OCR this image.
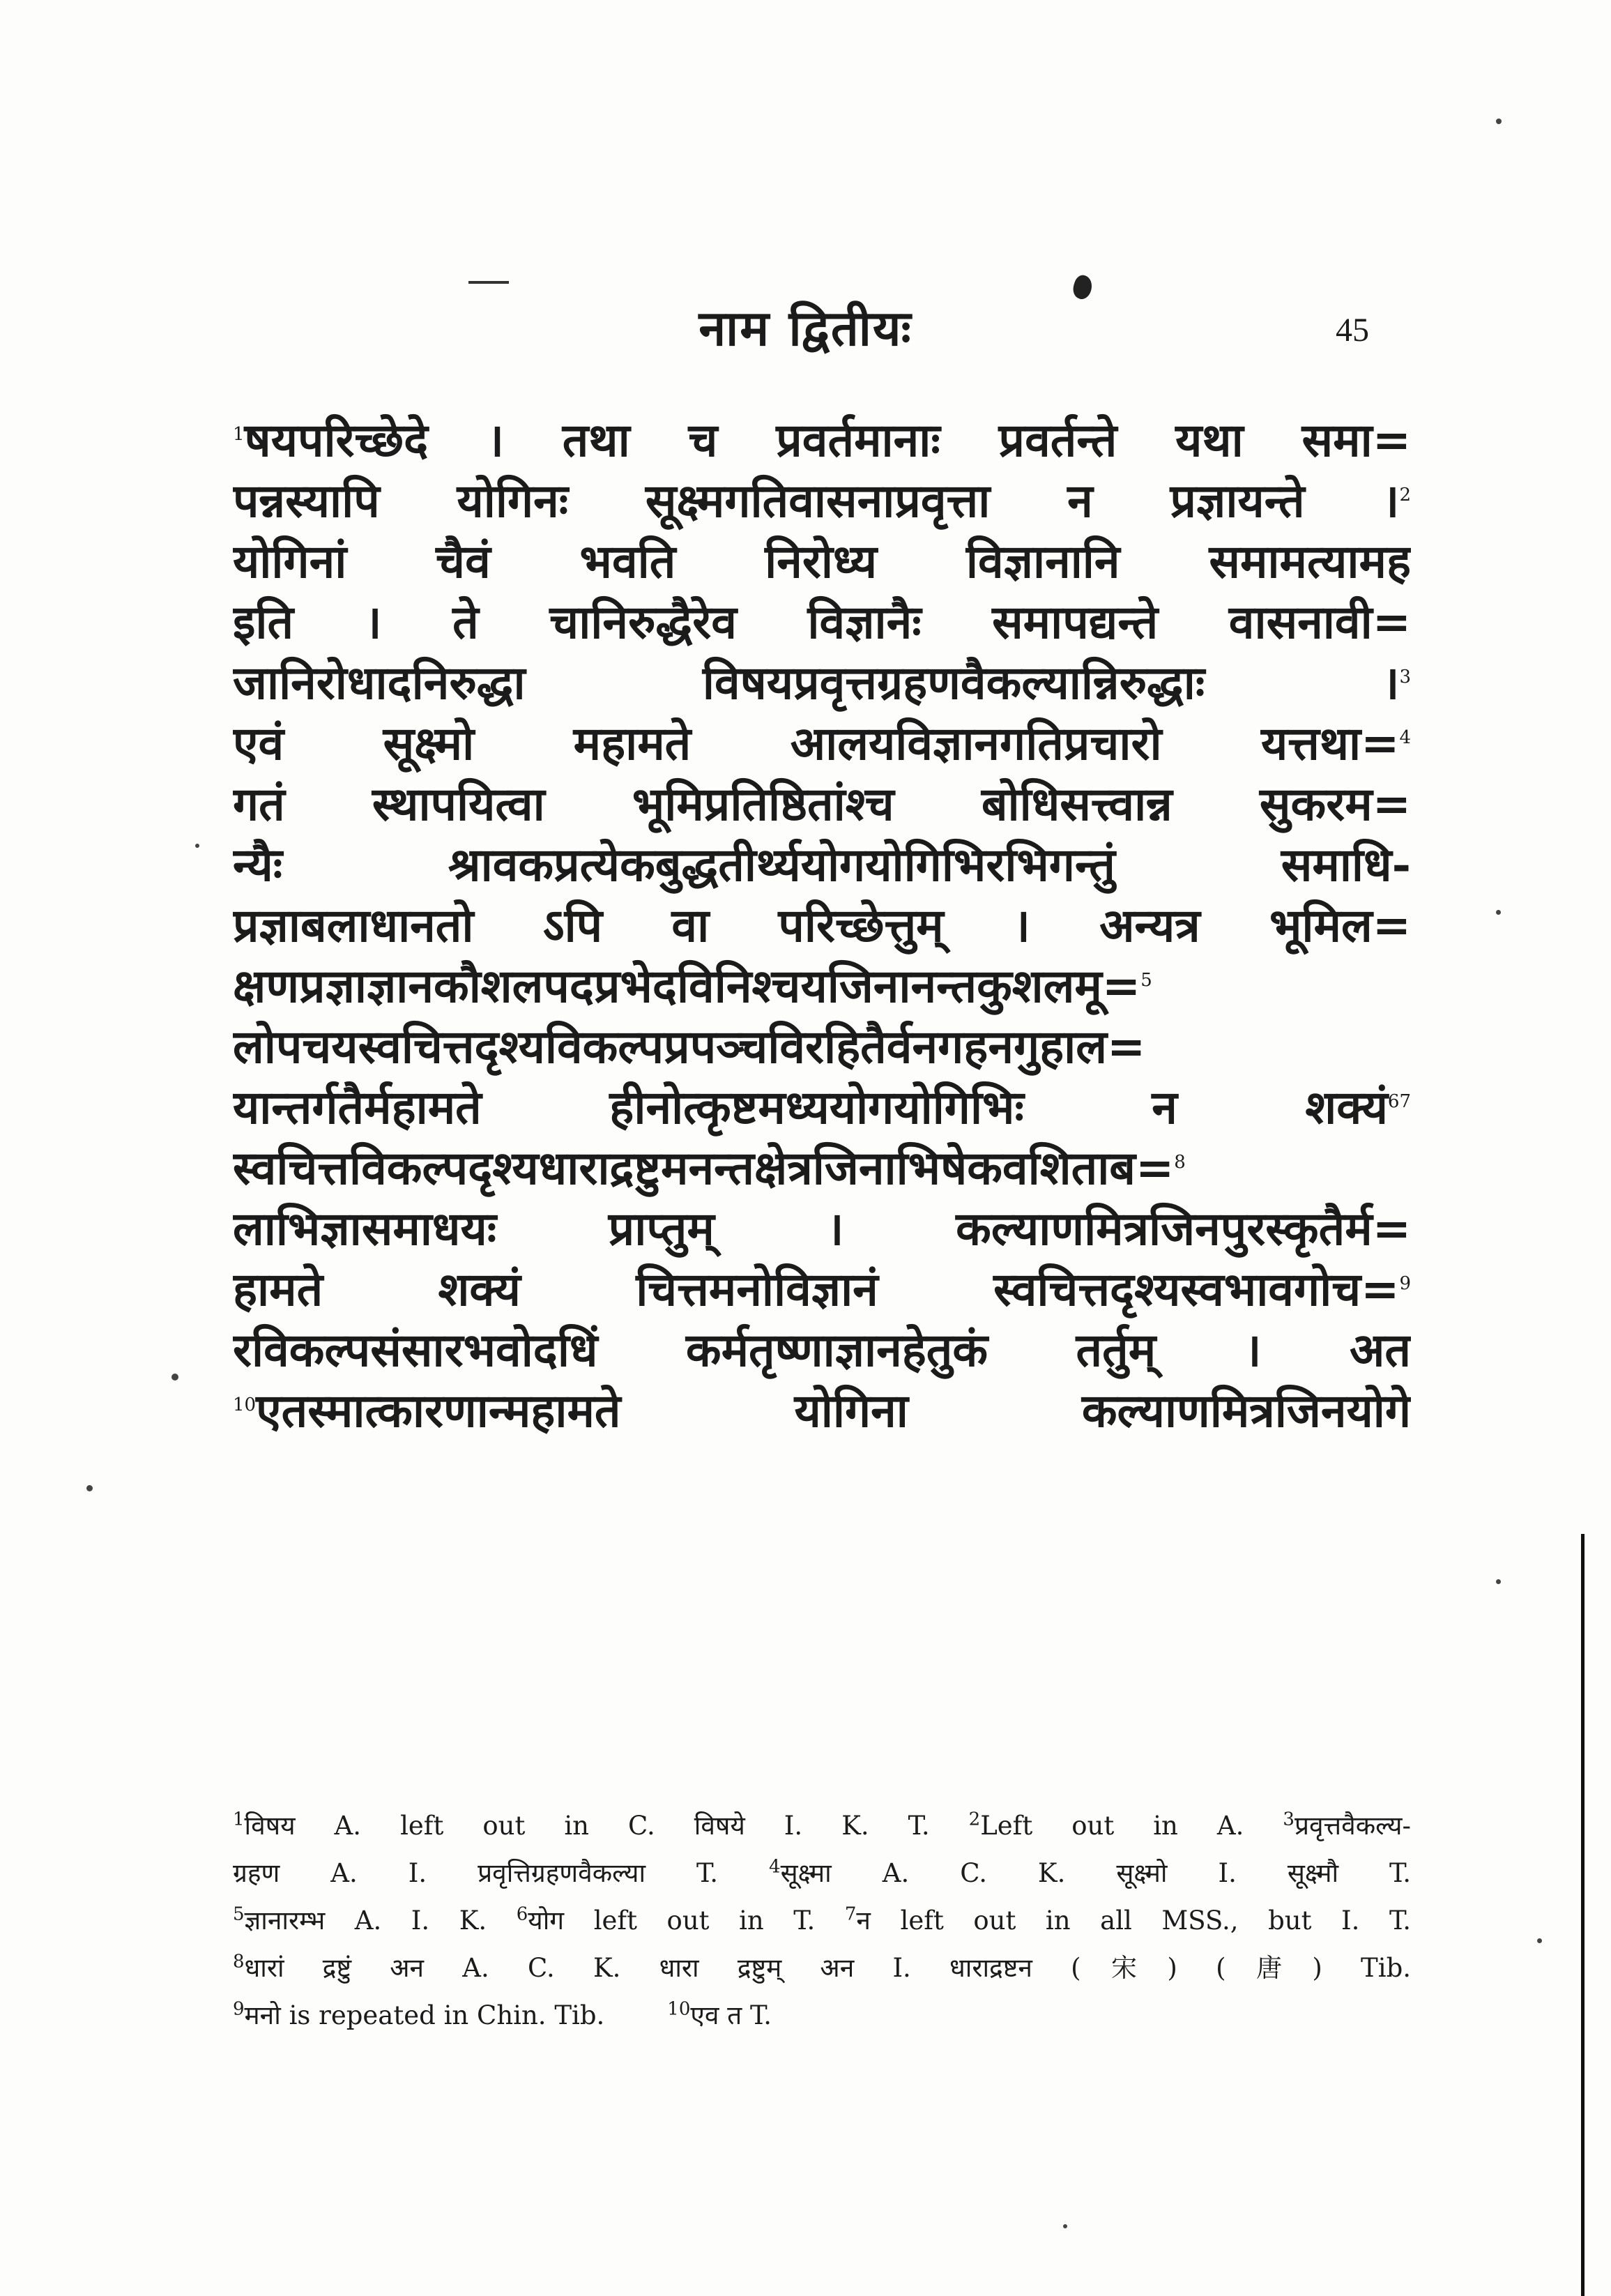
नाम द्वितीयः	45
$^1$षयपरिच्छेदे । तथा च प्रवर्तमानाः प्रवर्तन्ते यथा समा=
पन्नस्यापि योगिनः सूक्ष्मगतिवासनाप्रवृत्ता न प्रज्ञायन्ते ।$^2$
योगिनां चैवं भवति निरोध्य विज्ञानानि समामत्यामह
इति । ते चानिरुद्धैरेव विज्ञानैः समापद्यन्ते वासनावी=
जानिरोधादनिरुद्धा विषयप्रवृत्तग्रहणवैकल्यान्निरुद्धाः ।$^3$
एवं सूक्ष्मो महामते आलयविज्ञानगतिप्रचारो यत्तथा=$^4$
गतं स्थापयित्वा भूमिप्रतिष्ठितांश्च बोधिसत्त्वान्न सुकरम=
न्यैः श्रावकप्रत्येकबुद्धतीर्थ्ययोगयोगिभिरभिगन्तुं समाधि-
प्रज्ञाबलाधानतो ऽपि वा परिच्छेत्तुम् । अन्यत्र भूमिल=
क्षणप्रज्ञाज्ञानकौशलपदप्रभेदविनिश्चयजिनानन्तकुशलमू=$^5$
लोपचयस्वचित्तदृश्यविकल्पप्रपञ्चविरहितैर्वनगहनगुहाल=
यान्तर्गतैर्महामते हीनोत्कृष्टमध्ययोगयोगिभिः न शक्यं$^{67}$
स्वचित्तविकल्पदृश्यधाराद्रष्टुमनन्तक्षेत्रजिनाभिषेकवशिताब=$^8$
लाभिज्ञासमाधयः प्राप्तुम् । कल्याणमित्रजिनपुरस्कृतैर्म=
हामते शक्यं चित्तमनोविज्ञानं स्वचित्तदृश्यस्वभावगोच=$^9$
रविकल्पसंसारभवोदधिं कर्मतृष्णाज्ञानहेतुकं तर्तुम् । अत
$^{10}$एतस्मात्कारणान्महामते योगिना कल्याणमित्रजिनयोगे
$^1$विषय A. left out in C. विषये I. K. T. $^2$Left out in A. $^3$प्रवृत्तवैकल्य-
ग्रहण A. I. प्रवृत्तिग्रहणवैकल्या T.	$^4$सूक्ष्मा A. C. K. सूक्ष्मो I. सूक्ष्मौ T.
$^5$ज्ञानारम्भ A. I. K. $^6$योग left out in T. $^7$न left out in all MSS., but I. T.
$^8$धारां द्रष्टुं अन A. C. K. धारा द्रष्टुम् अन I. धाराद्रष्टन (宋) (唐) Tib.
$^9$मनो is repeated in Chin. Tib.	$^{10}$एव त T.
